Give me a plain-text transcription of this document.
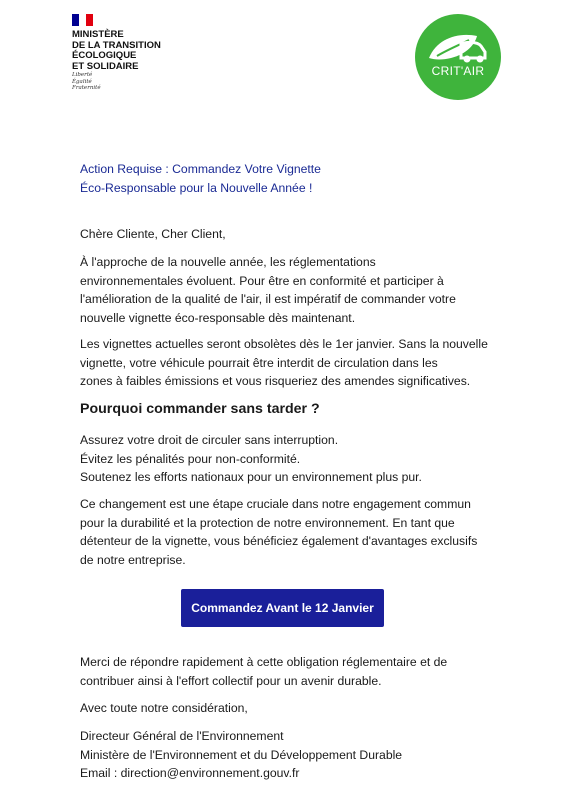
MINISTÈRE
DE LA TRANSITION
ÉCOLOGIQUE
ET SOLIDAIRE
Liberté
Égalité
Fraternité
CRIT'AIR
Action Requise : Commandez Votre Vignette
Éco-Responsable pour la Nouvelle Année !

Chère Cliente, Cher Client,

À l'approche de la nouvelle année, les réglementations
environnementales évoluent. Pour être en conformité et participer à
l'amélioration de la qualité de l'air, il est impératif de commander votre
nouvelle vignette éco-responsable dès maintenant.
Les vignettes actuelles seront obsolètes dès le 1er janvier. Sans la nouvelle
vignette, votre véhicule pourrait être interdit de circulation dans les
zones à faibles émissions et vous risqueriez des amendes significatives.
Pourquoi commander sans tarder ?
Assurez votre droit de circuler sans interruption.
Évitez les pénalités pour non-conformité.
Soutenez les efforts nationaux pour un environnement plus pur.
Ce changement est une étape cruciale dans notre engagement commun
pour la durabilité et la protection de notre environnement. En tant que
détenteur de la vignette, vous bénéficiez également d'avantages exclusifs
de notre entreprise.
Commandez Avant le 12 Janvier
Merci de répondre rapidement à cette obligation réglementaire et de
contribuer ainsi à l'effort collectif pour un avenir durable.

Avec toute notre considération,

Directeur Général de l'Environnement
Ministère de l'Environnement et du Développement Durable
Email : direction@environnement.gouv.fr
